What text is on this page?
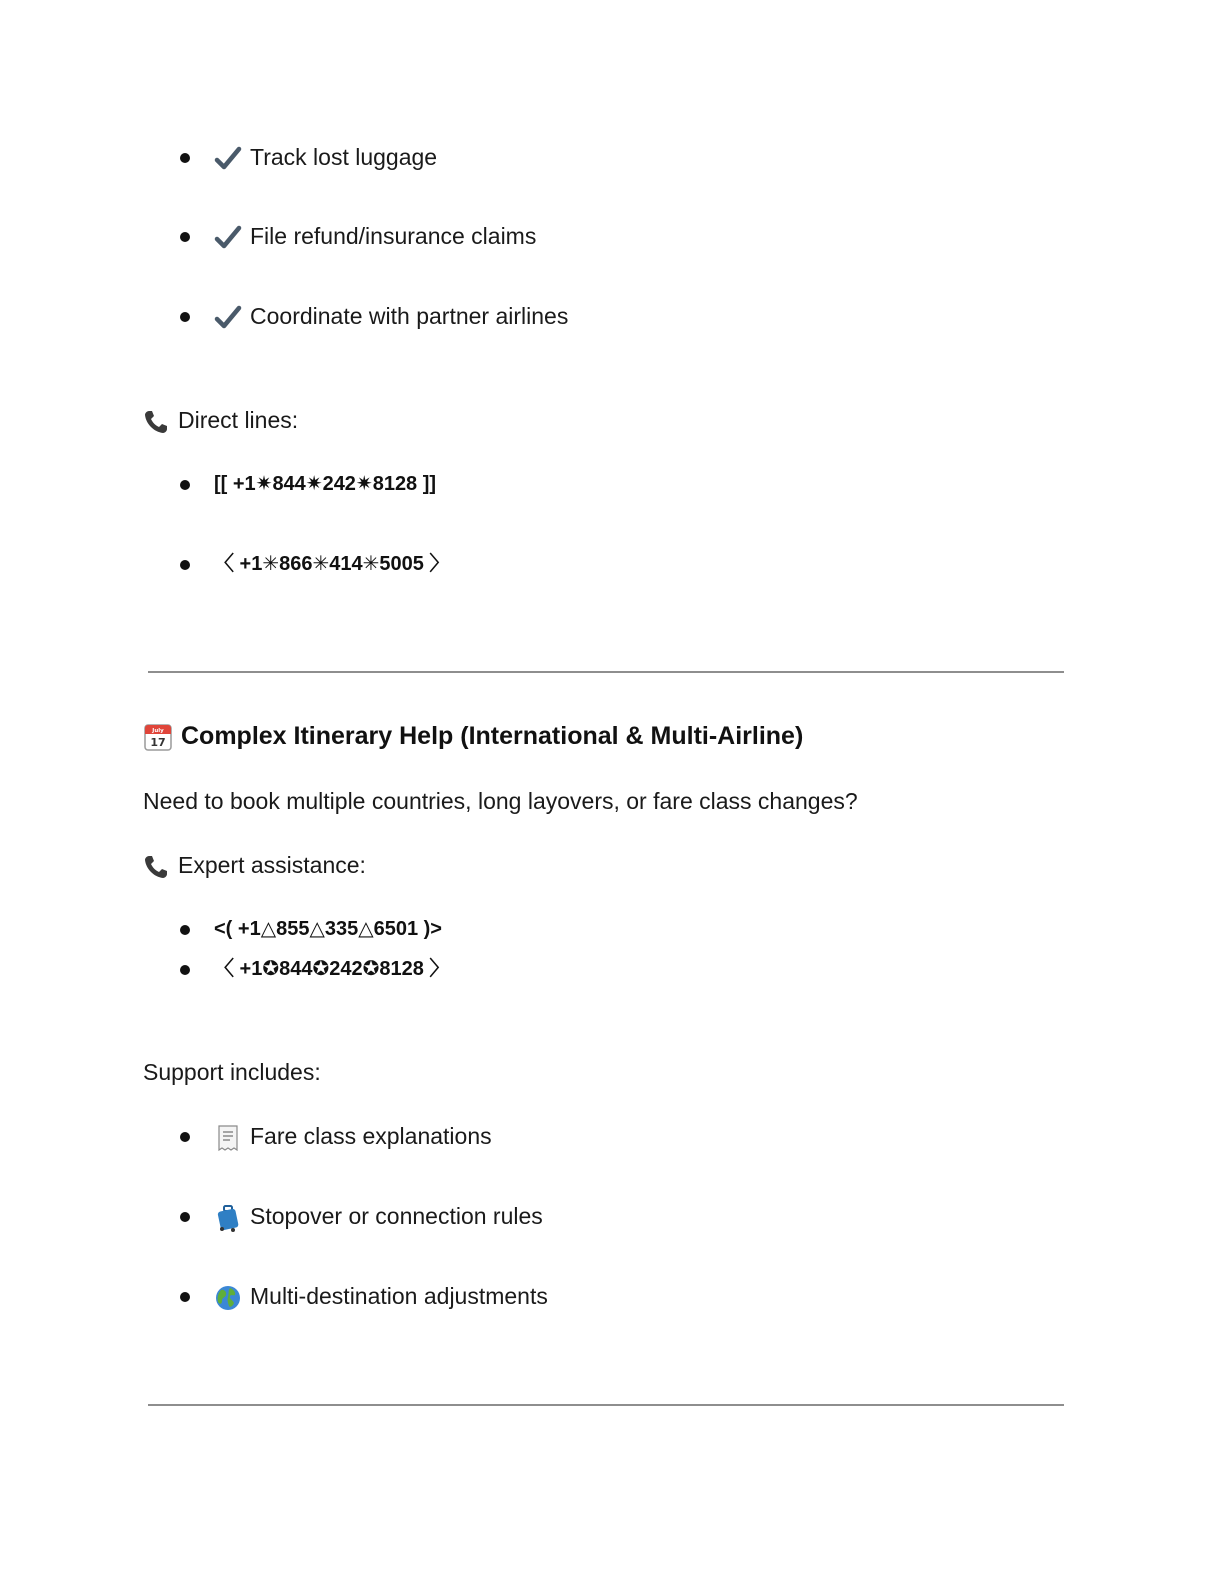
Track lost luggage
File refund/insurance claims
Coordinate with partner airlines
Direct lines:
[[ +1✷844✷242✷8128 ]]
〈 +1✳866✳414✳5005 〉
July
17 Complex Itinerary Help (International & Multi-Airline)
Need to book multiple countries, long layovers, or fare class changes?
Expert assistance:
<( +1△855△335△6501 )>
〈 +1✪844✪242✪8128 〉
Support includes:
Fare class explanations
Stopover or connection rules
Multi-destination adjustments
